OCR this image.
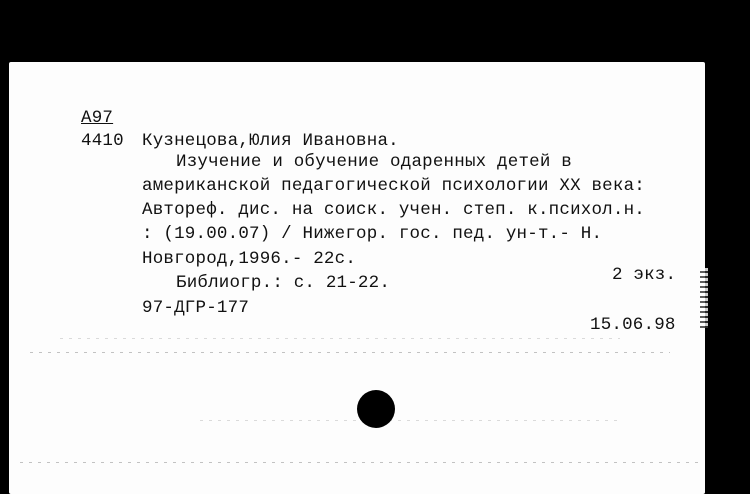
А97
4410 Кузнецова,Юлия Ивановна.
Изучение и обучение одаренных детей в
американской педагогической психологии XX века:
Автореф. дис. на соиск. учен. степ. к.психол.н.
: (19.00.07) / Нижегор. гос. пед. ун-т.- Н.
Новгород,1996.- 22с.
Библиогр.: с. 21-22.	2 экз.
97-ДГР-177
15.06.98
